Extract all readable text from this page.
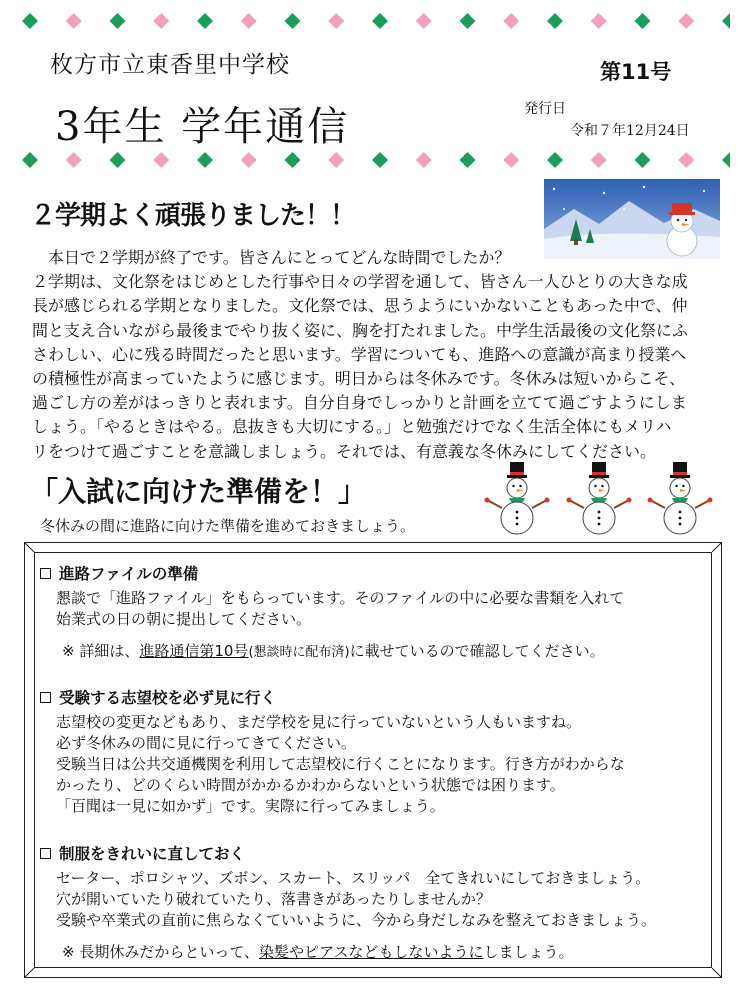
枚方市立東香里中学校
3年生 学年通信
第11号
発行日
令和７年12月24日
２学期よく頑張りました！！
　本日で２学期が終了です。皆さんにとってどんな時間でしたか？
２学期は、文化祭をはじめとした行事や日々の学習を通して、皆さん一人ひとりの大きな成
長が感じられる学期となりました。文化祭では、思うようにいかないこともあった中で、仲
間と支え合いながら最後までやり抜く姿に、胸を打たれました。中学生活最後の文化祭にふ
さわしい、心に残る時間だったと思います。学習についても、進路への意識が高まり授業へ
の積極性が高まっていたように感じます。明日からは冬休みです。冬休みは短いからこそ、
過ごし方の差がはっきりと表れます。自分自身でしっかりと計画を立てて過ごすようにしま
しょう。「やるときはやる。息抜きも大切にする。」と勉強だけでなく生活全体にもメリハ
リをつけて過ごすことを意識しましょう。それでは、有意義な冬休みにしてください。
「入試に向けた準備を！」
冬休みの間に進路に向けた準備を進めておきましょう。
進路ファイルの準備
懇談で「進路ファイル」をもらっています。そのファイルの中に必要な書類を入れて
始業式の日の朝に提出してください。
※ 詳細は、進路通信第10号(懇談時に配布済)に載せているので確認してください。
受験する志望校を必ず見に行く
志望校の変更などもあり、まだ学校を見に行っていないという人もいますね。
必ず冬休みの間に見に行ってきてください。
受験当日は公共交通機関を利用して志望校に行くことになります。行き方がわからな
かったり、どのくらい時間がかかるかわからないという状態では困ります。
「百聞は一見に如かず」です。実際に行ってみましょう。
制服をきれいに直しておく
セーター、ポロシャツ、ズボン、スカート、スリッパ　全てきれいにしておきましょう。
穴が開いていたり破れていたり、落書きがあったりしませんか？
受験や卒業式の直前に焦らなくていいように、今から身だしなみを整えておきましょう。
※ 長期休みだからといって、染髪やピアスなどもしないようにしましょう。
